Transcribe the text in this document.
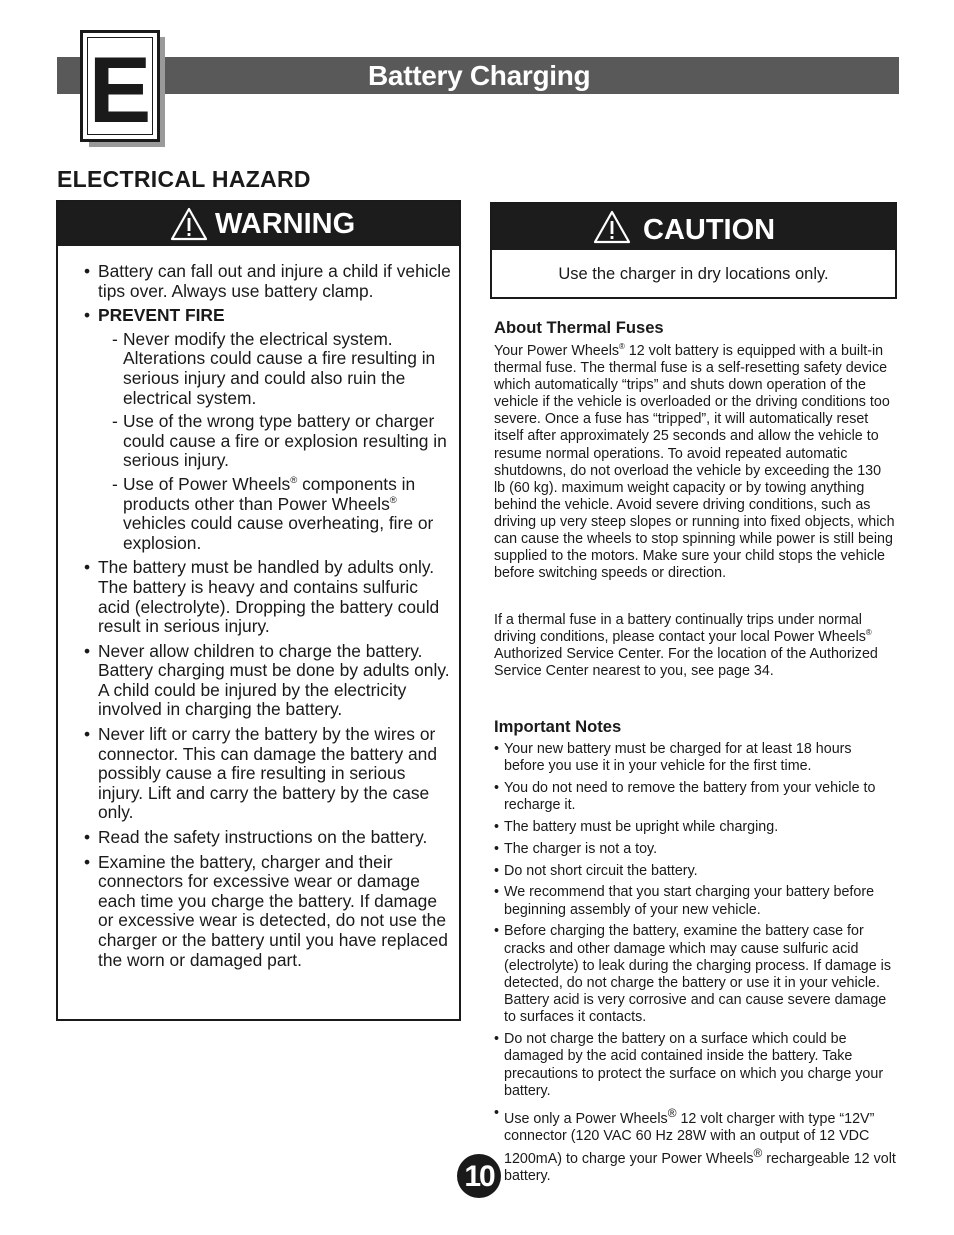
Battery Charging
E
ELECTRICAL HAZARD
WARNING
• Battery can fall out and injure a child if vehicle tips over. Always use battery clamp.
• PREVENT FIRE
- Never modify the electrical system. Alterations could cause a fire resulting in serious injury and could also ruin the electrical system.
- Use of the wrong type battery or charger could cause a fire or explosion resulting in serious injury.
- Use of Power Wheels® components in products other than Power Wheels® vehicles could cause overheating, fire or explosion.
• The battery must be handled by adults only. The battery is heavy and contains sulfuric acid (electrolyte). Dropping the battery could result in serious injury.
• Never allow children to charge the battery. Battery charging must be done by adults only. A child could be injured by the electricity involved in charging the battery.
• Never lift or carry the battery by the wires or connector. This can damage the battery and possibly cause a fire resulting in serious injury. Lift and carry the battery by the case only.
• Read the safety instructions on the battery.
• Examine the battery, charger and their connectors for excessive wear or damage each time you charge the battery. If damage or excessive wear is detected, do not use the charger or the battery until you have replaced the worn or damaged part.
CAUTION
Use the charger in dry locations only.
About Thermal Fuses
Your Power Wheels® 12 volt battery is equipped with a built-in thermal fuse. The thermal fuse is a self-resetting safety device which automatically “trips” and shuts down operation of the vehicle if the vehicle is overloaded or the driving conditions too severe. Once a fuse has “tripped”, it will automatically reset itself after approximately 25 seconds and allow the vehicle to resume normal operations. To avoid repeated automatic shutdowns, do not overload the vehicle by exceeding the 130 lb (60 kg). maximum weight capacity or by towing anything behind the vehicle. Avoid severe driving conditions, such as driving up very steep slopes or running into fixed objects, which can cause the wheels to stop spinning while power is still being supplied to the motors. Make sure your child stops the vehicle before switching speeds or direction.
If a thermal fuse in a battery continually trips under normal driving conditions, please contact your local Power Wheels® Authorized Service Center. For the location of the Authorized Service Center nearest to you, see page 34.
Important Notes
• Your new battery must be charged for at least 18 hours before you use it in your vehicle for the first time.
• You do not need to remove the battery from your vehicle to recharge it.
• The battery must be upright while charging.
• The charger is not a toy.
• Do not short circuit the battery.
• We recommend that you start charging your battery before beginning assembly of your new vehicle.
• Before charging the battery, examine the battery case for cracks and other damage which may cause sulfuric acid (electrolyte) to leak during the charging process. If damage is detected, do not charge the battery or use it in your vehicle. Battery acid is very corrosive and can cause severe damage to surfaces it contacts.
• Do not charge the battery on a surface which could be damaged by the acid contained inside the battery. Take precautions to protect the surface on which you charge your battery.
• Use only a Power Wheels® 12 volt charger with type “12V” connector (120 VAC 60 Hz 28W with an output of 12 VDC 1200mA) to charge your Power Wheels® rechargeable 12 volt battery.
10
